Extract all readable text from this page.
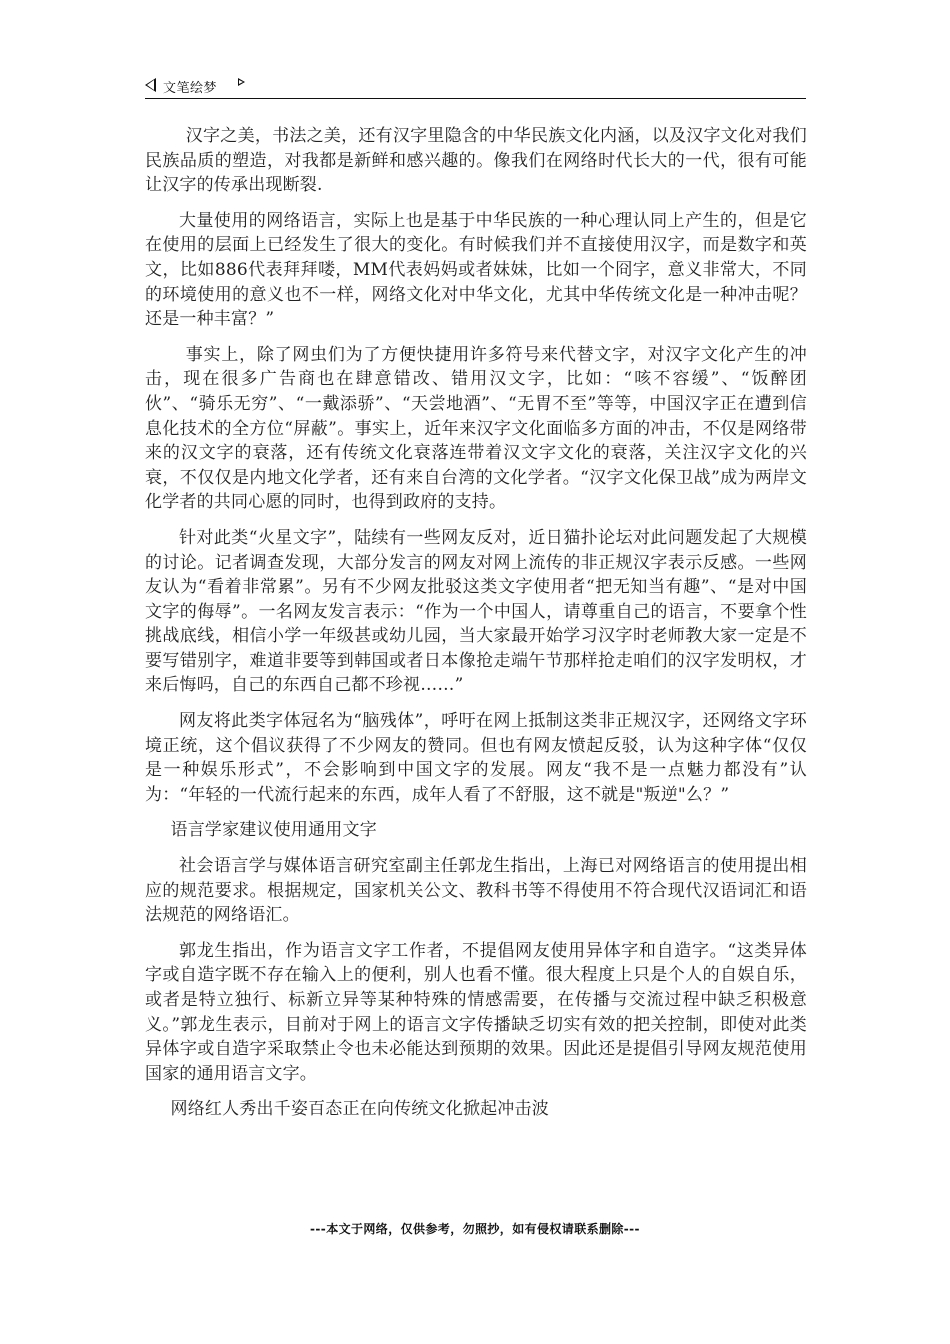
文笔绘梦

汉字之美，书法之美，还有汉字里隐含的中华民族文化内涵，以及汉字文化对我们民族品质的塑造，对我都是新鲜和感兴趣的。像我们在网络时代长大的一代，很有可能让汉字的传承出现断裂.

大量使用的网络语言，实际上也是基于中华民族的一种心理认同上产生的，但是它在使用的层面上已经发生了很大的变化。有时候我们并不直接使用汉字，而是数字和英文，比如886代表拜拜喽，MM代表妈妈或者妹妹，比如一个冏字，意义非常大，不同的环境使用的意义也不一样，网络文化对中华文化，尤其中华传统文化是一种冲击呢？还是一种丰富？”

事实上，除了网虫们为了方便快捷用许多符号来代替文字，对汉字文化产生的冲击，现在很多广告商也在肆意错改、错用汉文字，比如：“咳不容缓”、“饭醉团伙”、“骑乐无穷”、“一戴添骄”、“天尝地酒”、“无胃不至”等等，中国汉字正在遭到信息化技术的全方位“屏蔽”。事实上，近年来汉字文化面临多方面的冲击，不仅是网络带来的汉文字的衰落，还有传统文化衰落连带着汉文字文化的衰落，关注汉字文化的兴衰，不仅仅是内地文化学者，还有来自台湾的文化学者。“汉字文化保卫战”成为两岸文化学者的共同心愿的同时，也得到政府的支持。

针对此类“火星文字”，陆续有一些网友反对，近日猫扑论坛对此问题发起了大规模的讨论。记者调查发现，大部分发言的网友对网上流传的非正规汉字表示反感。一些网友认为“看着非常累”。另有不少网友批驳这类文字使用者“把无知当有趣”、“是对中国文字的侮辱”。一名网友发言表示：“作为一个中国人，请尊重自己的语言，不要拿个性挑战底线，相信小学一年级甚或幼儿园，当大家最开始学习汉字时老师教大家一定是不要写错别字，难道非要等到韩国或者日本像抢走端午节那样抢走咱们的汉字发明权，才来后悔吗，自己的东西自己都不珍视……”

网友将此类字体冠名为“脑残体”，呼吁在网上抵制这类非正规汉字，还网络文字环境正统，这个倡议获得了不少网友的赞同。但也有网友愤起反驳，认为这种字体“仅仅是一种娱乐形式”，不会影响到中国文字的发展。网友“我不是一点魅力都没有”认为：“年轻的一代流行起来的东西，成年人看了不舒服，这不就是"叛逆"么？”

语言学家建议使用通用文字

社会语言学与媒体语言研究室副主任郭龙生指出，上海已对网络语言的使用提出相应的规范要求。根据规定，国家机关公文、教科书等不得使用不符合现代汉语词汇和语法规范的网络语汇。

郭龙生指出，作为语言文字工作者，不提倡网友使用异体字和自造字。“这类异体字或自造字既不存在输入上的便利，别人也看不懂。很大程度上只是个人的自娱自乐，或者是特立独行、标新立异等某种特殊的情感需要，在传播与交流过程中缺乏积极意义。”郭龙生表示，目前对于网上的语言文字传播缺乏切实有效的把关控制，即使对此类异体字或自造字采取禁止令也未必能达到预期的效果。因此还是提倡引导网友规范使用国家的通用语言文字。

网络红人秀出千姿百态正在向传统文化掀起冲击波

---本文于网络，仅供参考，勿照抄，如有侵权请联系删除---
